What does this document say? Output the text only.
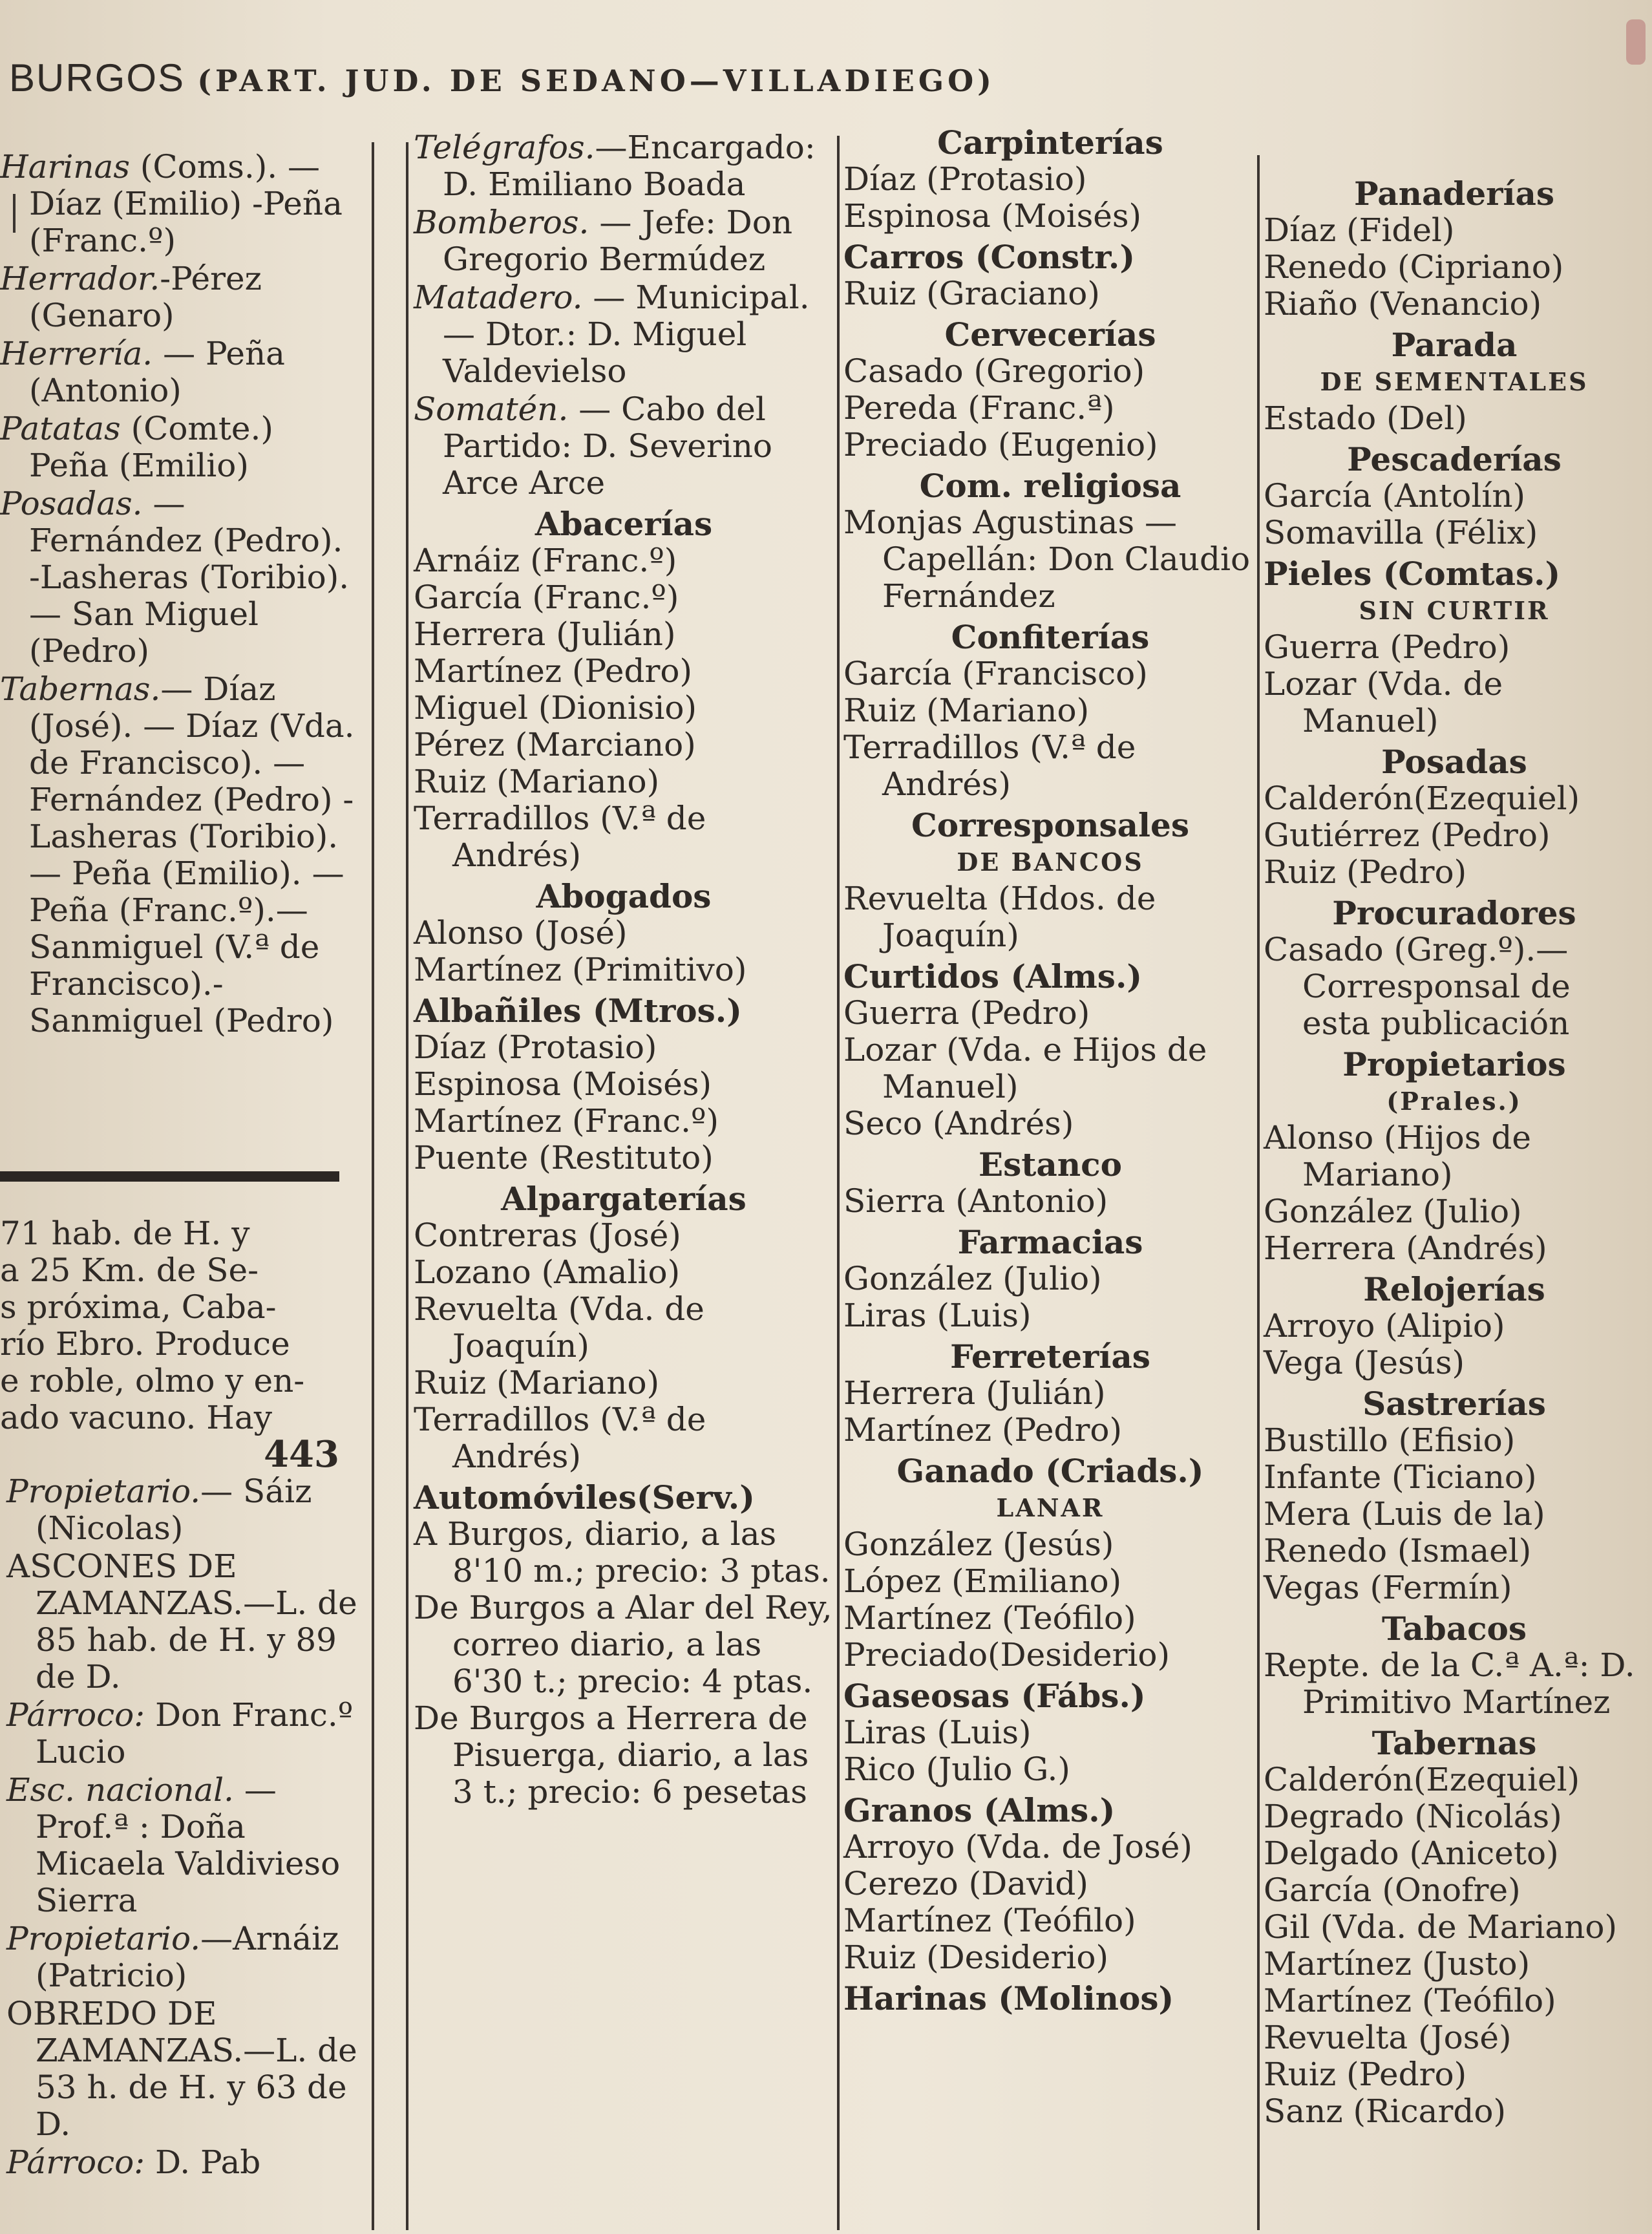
BURGOS (PART. JUD. DE SEDANO—VILLADIEGO)
Harinas (Coms.). —Díaz (Emilio) -Peña (Franc.º)
Herrador.-Pérez (Genaro)
Herrería. — Peña (Antonio)
Patatas (Comte.) Peña (Emilio)
Posadas. — Fernández (Pedro). -Lasheras (Toribio). — San Miguel (Pedro)
Tabernas.— Díaz (José). — Díaz (Vda. de Francisco). — Fernández (Pedro) -Lasheras (Toribio). — Peña (Emilio). — Peña (Franc.º).— Sanmiguel (V.ª de Francisco).- Sanmiguel (Pedro)

71 hab. de H. y

a 25 Km. de Se-

s próxima, Caba-

río Ebro. Produce

e roble, olmo y en-

ado vacuno. Hay

443
Propietario.— Sáiz (Nicolas)
ASCONES DE ZAMANZAS.—L. de 85 hab. de H. y 89 de D.
Párroco: Don Franc.º Lucio
Esc. nacional. — Prof.ª : Doña Micaela Valdivieso Sierra
Propietario.—Arnáiz (Patricio)
OBREDO DE ZAMANZAS.—L. de 53 h. de H. y 63 de D.
Párroco: D. Pab
Telégrafos.—Encargado: D. Emiliano Boada
Bomberos. — Jefe: Don Gregorio Bermúdez
Matadero. — Municipal. — Dtor.: D. Miguel Valdevielso
Somatén. — Cabo del Partido: D. Severino Arce Arce
Abacerías
Arnáiz (Franc.º)
García (Franc.º)
Herrera (Julián)
Martínez (Pedro)
Miguel (Dionisio)
Pérez (Marciano)
Ruiz (Mariano)
Terradillos (V.ª de Andrés)
Abogados
Alonso (José)
Martínez (Primitivo)
Albañiles (Mtros.)
Díaz (Protasio)
Espinosa (Moisés)
Martínez (Franc.º)
Puente (Restituto)
Alpargaterías
Contreras (José)
Lozano (Amalio)
Revuelta (Vda. de Joaquín)
Ruiz (Mariano)
Terradillos (V.ª de Andrés)
Automóviles(Serv.)
A Burgos, diario, a las 8'10 m.; precio: 3 ptas.
De Burgos a Alar del Rey, correo diario, a las 6'30 t.; precio: 4 ptas.
De Burgos a Herrera de Pisuerga, diario, a las 3 t.; precio: 6 pesetas
Carpinterías
Díaz (Protasio)
Espinosa (Moisés)
Carros (Constr.)
Ruiz (Graciano)
Cervecerías
Casado (Gregorio)
Pereda (Franc.ª)
Preciado (Eugenio)
Com. religiosa
Monjas Agustinas —Capellán: Don Claudio Fernández
Confiterías
García (Francisco)
Ruiz (Mariano)
Terradillos (V.ª de Andrés)
Corresponsales
DE BANCOS
Revuelta (Hdos. de Joaquín)
Curtidos (Alms.)
Guerra (Pedro)
Lozar (Vda. e Hijos de Manuel)
Seco (Andrés)
Estanco
Sierra (Antonio)
Farmacias
González (Julio)
Liras (Luis)
Ferreterías
Herrera (Julián)
Martínez (Pedro)
Ganado (Criads.)
LANAR
González (Jesús)
López (Emiliano)
Martínez (Teófilo)
Preciado(Desiderio)
Gaseosas (Fábs.)
Liras (Luis)
Rico (Julio G.)
Granos (Alms.)
Arroyo (Vda. de José)
Cerezo (David)
Martínez (Teófilo)
Ruiz (Desiderio)
Harinas (Molinos)
Panaderías
Díaz (Fidel)
Renedo (Cipriano)
Riaño (Venancio)
Parada
DE SEMENTALES
Estado (Del)
Pescaderías
García (Antolín)
Somavilla (Félix)
Pieles (Comtas.)
SIN CURTIR
Guerra (Pedro)
Lozar (Vda. de Manuel)
Posadas
Calderón(Ezequiel)
Gutiérrez (Pedro)
Ruiz (Pedro)
Procuradores
Casado (Greg.º).— Corresponsal de esta publicación
Propietarios
(Prales.)
Alonso (Hijos de Mariano)
González (Julio)
Herrera (Andrés)
Relojerías
Arroyo (Alipio)
Vega (Jesús)
Sastrerías
Bustillo (Efisio)
Infante (Ticiano)
Mera (Luis de la)
Renedo (Ismael)
Vegas (Fermín)
Tabacos
Repte. de la C.ª A.ª: D. Primitivo Martínez
Tabernas
Calderón(Ezequiel)
Degrado (Nicolás)
Delgado (Aniceto)
García (Onofre)
Gil (Vda. de Mariano)
Martínez (Justo)
Martínez (Teófilo)
Revuelta (José)
Ruiz (Pedro)
Sanz (Ricardo)
